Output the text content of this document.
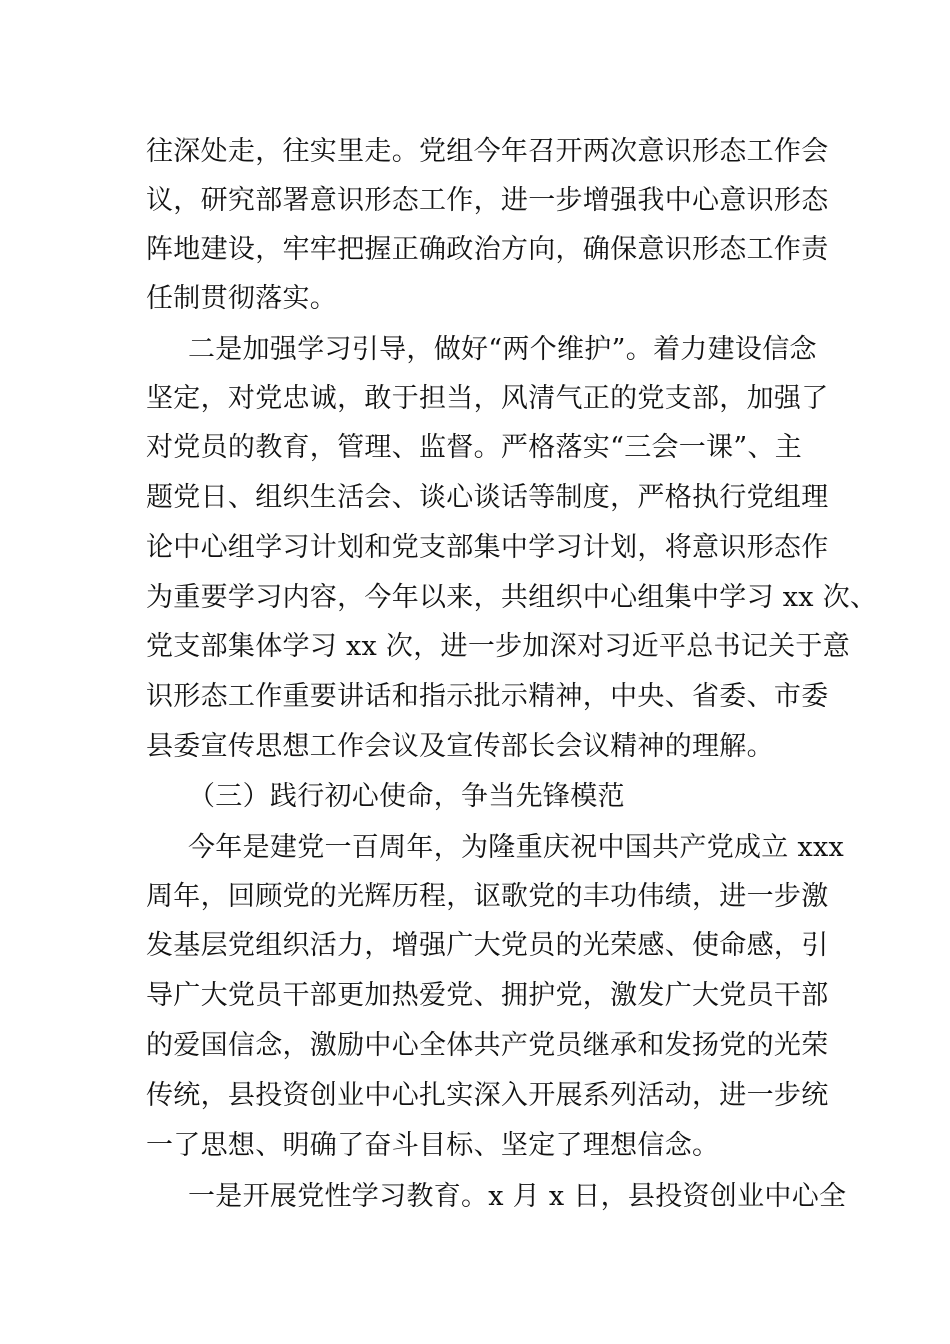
往深处走，往实里走。党组今年召开两次意识形态工作会
议，研究部署意识形态工作，进一步增强我中心意识形态
阵地建设，牢牢把握正确政治方向，确保意识形态工作责
任制贯彻落实。
二是加强学习引导，做好“两个维护”。着力建设信念
坚定，对党忠诚，敢于担当，风清气正的党支部，加强了
对党员的教育，管理、监督。严格落实“三会一课”、主
题党日、组织生活会、谈心谈话等制度，严格执行党组理
论中心组学习计划和党支部集中学习计划，将意识形态作
为重要学习内容，今年以来，共组织中心组集中学习 xx 次、
党支部集体学习 xx 次，进一步加深对习近平总书记关于意
识形态工作重要讲话和指示批示精神，中央、省委、市委
县委宣传思想工作会议及宣传部长会议精神的理解。
（三）践行初心使命，争当先锋模范
今年是建党一百周年，为隆重庆祝中国共产党成立 xxx
周年，回顾党的光辉历程，讴歌党的丰功伟绩，进一步激
发基层党组织活力，增强广大党员的光荣感、使命感，引
导广大党员干部更加热爱党、拥护党，激发广大党员干部
的爱国信念，激励中心全体共产党员继承和发扬党的光荣
传统，县投资创业中心扎实深入开展系列活动，进一步统
一了思想、明确了奋斗目标、坚定了理想信念。
一是开展党性学习教育。x 月 x 日，县投资创业中心全
